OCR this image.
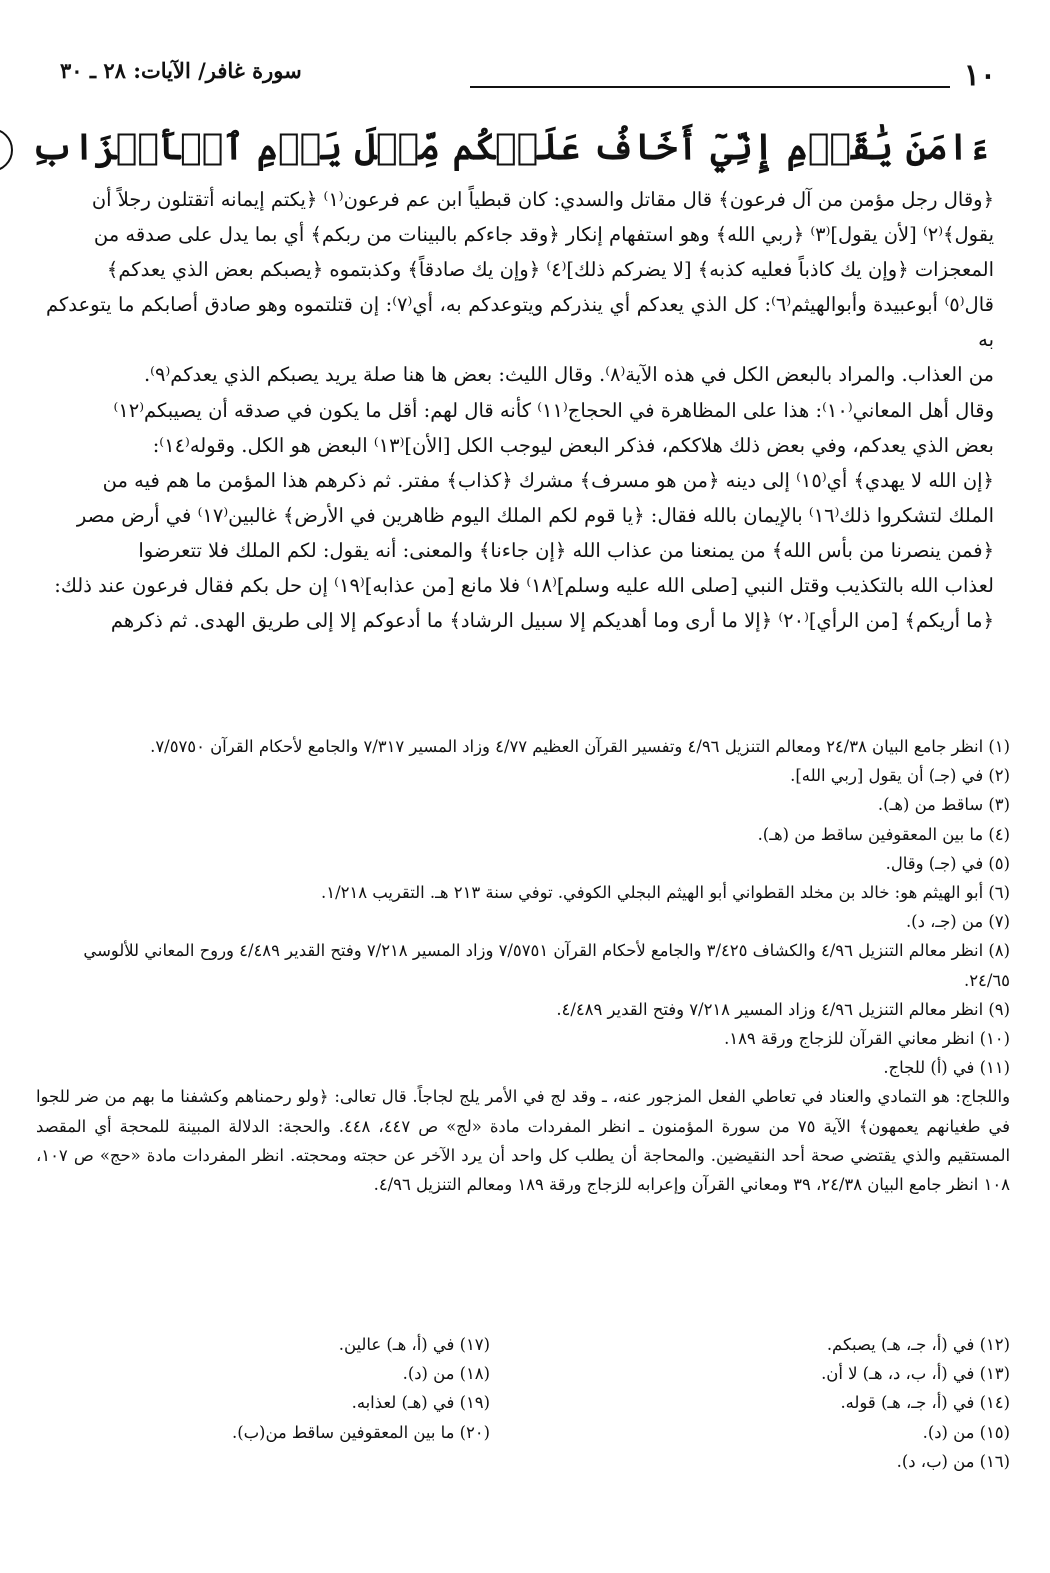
١٠
سورة غافر/ الآيات: ٢٨ ـ ٣٠
ءَامَنَ يَٰقَوۡمِ إِنِّيٓ أَخَافُ عَلَيۡكُم مِّثۡلَ يَوۡمِ ٱلۡأَحۡزَابِ

﴿وقال رجل مؤمن من آل فرعون﴾ قال مقاتل والسدي: كان قبطياً ابن عم فرعون⁽١⁾ ﴿يكتم إيمانه أتقتلون رجلاً أن

يقول﴾⁽٢⁾ [لأن يقول]⁽٣⁾ ﴿ربي الله﴾ وهو استفهام إنكار ﴿وقد جاءكم بالبينات من ربكم﴾ أي بما يدل على صدقه من

المعجزات ﴿وإن يك كاذباً فعليه كذبه﴾ [لا يضركم ذلك]⁽٤⁾ ﴿وإن يك صادقاً﴾ وكذبتموه ﴿يصبكم بعض الذي يعدكم﴾

قال⁽٥⁾ أبوعبيدة وأبوالهيثم⁽٦⁾: كل الذي يعدكم أي ينذركم ويتوعدكم به، أي⁽٧⁾: إن قتلتموه وهو صادق أصابكم ما يتوعدكم به

من العذاب. والمراد بالبعض الكل في هذه الآية⁽٨⁾. وقال الليث: بعض ها هنا صلة يريد يصبكم الذي يعدكم⁽٩⁾.

وقال أهل المعاني⁽١٠⁾: هذا على المظاهرة في الحجاج⁽١١⁾ كأنه قال لهم: أقل ما يكون في صدقه أن يصيبكم⁽١٢⁾

بعض الذي يعدكم، وفي بعض ذلك هلاككم، فذكر البعض ليوجب الكل [الأن]⁽١٣⁾ البعض هو الكل. وقوله⁽١٤⁾:

﴿إن الله لا يهدي﴾ أي⁽١٥⁾ إلى دينه ﴿من هو مسرف﴾ مشرك ﴿كذاب﴾ مفتر. ثم ذكرهم هذا المؤمن ما هم فيه من

الملك لتشكروا ذلك⁽١٦⁾ بالإيمان بالله فقال: ﴿يا قوم لكم الملك اليوم ظاهرين في الأرض﴾ غالبين⁽١٧⁾ في أرض مصر

﴿فمن ينصرنا من بأس الله﴾ من يمنعنا من عذاب الله ﴿إن جاءنا﴾ والمعنى: أنه يقول: لكم الملك فلا تتعرضوا

لعذاب الله بالتكذيب وقتل النبي [صلى الله عليه وسلم]⁽١٨⁾ فلا مانع [من عذابه]⁽١٩⁾ إن حل بكم فقال فرعون عند ذلك:

﴿ما أريكم﴾ [من الرأي]⁽٢٠⁾ ﴿إلا ما أرى وما أهديكم إلا سبيل الرشاد﴾ ما أدعوكم إلا إلى طريق الهدى. ثم ذكرهم

(١) انظر جامع البيان ٢٤/٣٨ ومعالم التنزيل ٤/٩٦ وتفسير القرآن العظيم ٤/٧٧ وزاد المسير ٧/٣١٧ والجامع لأحكام القرآن ٧/٥٧٥٠.

(٢) في (جـ) أن يقول [ربي الله].

(٣) ساقط من (هـ).

(٤) ما بين المعقوفين ساقط من (هـ).

(٥) في (جـ) وقال.

(٦) أبو الهيثم هو: خالد بن مخلد القطواني أبو الهيثم البجلي الكوفي. توفي سنة ٢١٣ هـ. التقريب ١/٢١٨.

(٧) من (جـ، د).

(٨) انظر معالم التنزيل ٤/٩٦ والكشاف ٣/٤٢٥ والجامع لأحكام القرآن ٧/٥٧٥١ وزاد المسير ٧/٢١٨ وفتح القدير ٤/٤٨٩ وروح المعاني للألوسي ٢٤/٦٥.

(٩) انظر معالم التنزيل ٤/٩٦ وزاد المسير ٧/٢١٨ وفتح القدير ٤/٤٨٩.

(١٠) انظر معاني القرآن للزجاج ورقة ١٨٩.

(١١) في (أ) للجاج.

واللجاج: هو التمادي والعناد في تعاطي الفعل المزجور عنه، ـ وقد لج في الأمر يلج لجاجاً. قال تعالى: ﴿ولو رحمناهم وكشفنا ما بهم من ضر للجوا في طغيانهم يعمهون﴾ الآية ٧٥ من سورة المؤمنون ـ انظر المفردات مادة «لج» ص ٤٤٧، ٤٤٨. والحجة: الدلالة المبينة للمحجة أي المقصد المستقيم والذي يقتضي صحة أحد النقيضين. والمحاجة أن يطلب كل واحد أن يرد الآخر عن حجته ومحجته. انظر المفردات مادة «حج» ص ١٠٧، ١٠٨ انظر جامع البيان ٢٤/٣٨، ٣٩ ومعاني القرآن وإعرابه للزجاج ورقة ١٨٩ ومعالم التنزيل ٤/٩٦.

(١٢) في (أ، جـ، هـ) يصبكم.
(١٣) في (أ، ب، د، هـ) لا أن.
(١٤) في (أ، جـ، هـ) قوله.
(١٥) من (د).
(١٦) من (ب، د).
(١٧) في (أ، هـ) عالين.
(١٨) من (د).
(١٩) في (هـ) لعذابه.
(٢٠) ما بين المعقوفين ساقط من(ب).
